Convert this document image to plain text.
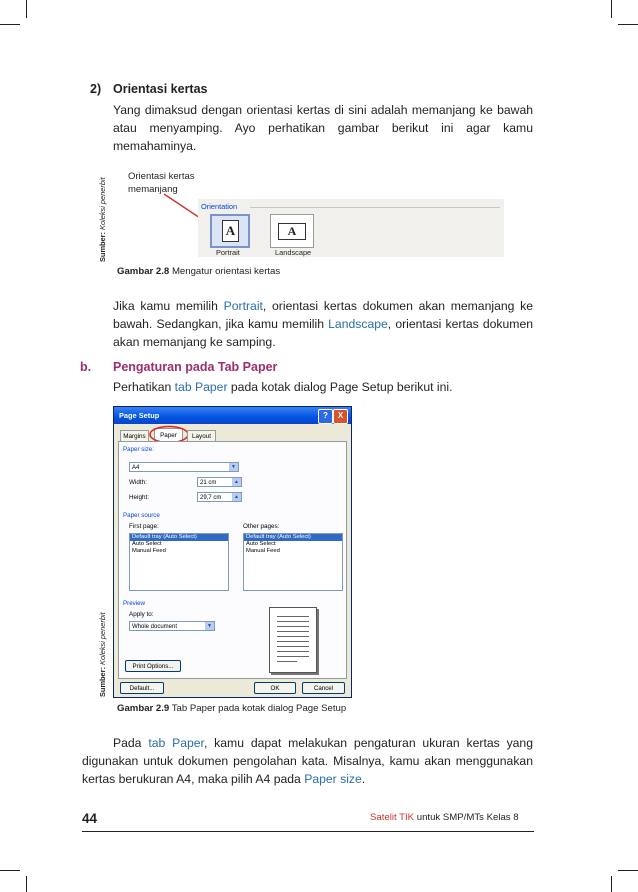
2) Orientasi kertas
Yang dimaksud dengan orientasi kertas di sini adalah memanjang ke bawah atau menyamping. Ayo perhatikan gambar berikut ini agar kamu memahaminya.
Sumber: Koleksi penerbit
Orientasi kertas
memanjang
Orientation
A
Portrait
A
Landscape
Gambar 2.8 Mengatur orientasi kertas
Jika kamu memilih Portrait, orientasi kertas dokumen akan memanjang ke bawah. Sedangkan, jika kamu memilih Landscape, orientasi kertas dokumen akan memanjang ke samping.
b. Pengaturan pada Tab Paper
Perhatikan tab Paper pada kotak dialog Page Setup berikut ini.
Sumber: Koleksi penerbit
Page Setup	?	X
Margins	Paper	Layout
Paper size:
A4	▼
Width:	21 cm	▲
Height:	29,7 cm	▲
Paper source
First page:
Default tray (Auto Select)
Auto Select
Manual Feed
Other pages:
Default tray (Auto Select)
Auto Select
Manual Feed
Preview
Apply to:
Whole document	▼
Print Options...
Default...	OK	Cancel
Gambar 2.9 Tab Paper pada kotak dialog Page Setup
Pada tab Paper, kamu dapat melakukan pengaturan ukuran kertas yang digunakan untuk dokumen pengolahan kata. Misalnya, kamu akan menggunakan kertas berukuran A4, maka pilih A4 pada Paper size.
44	Satelit TIK untuk SMP/MTs Kelas 8
